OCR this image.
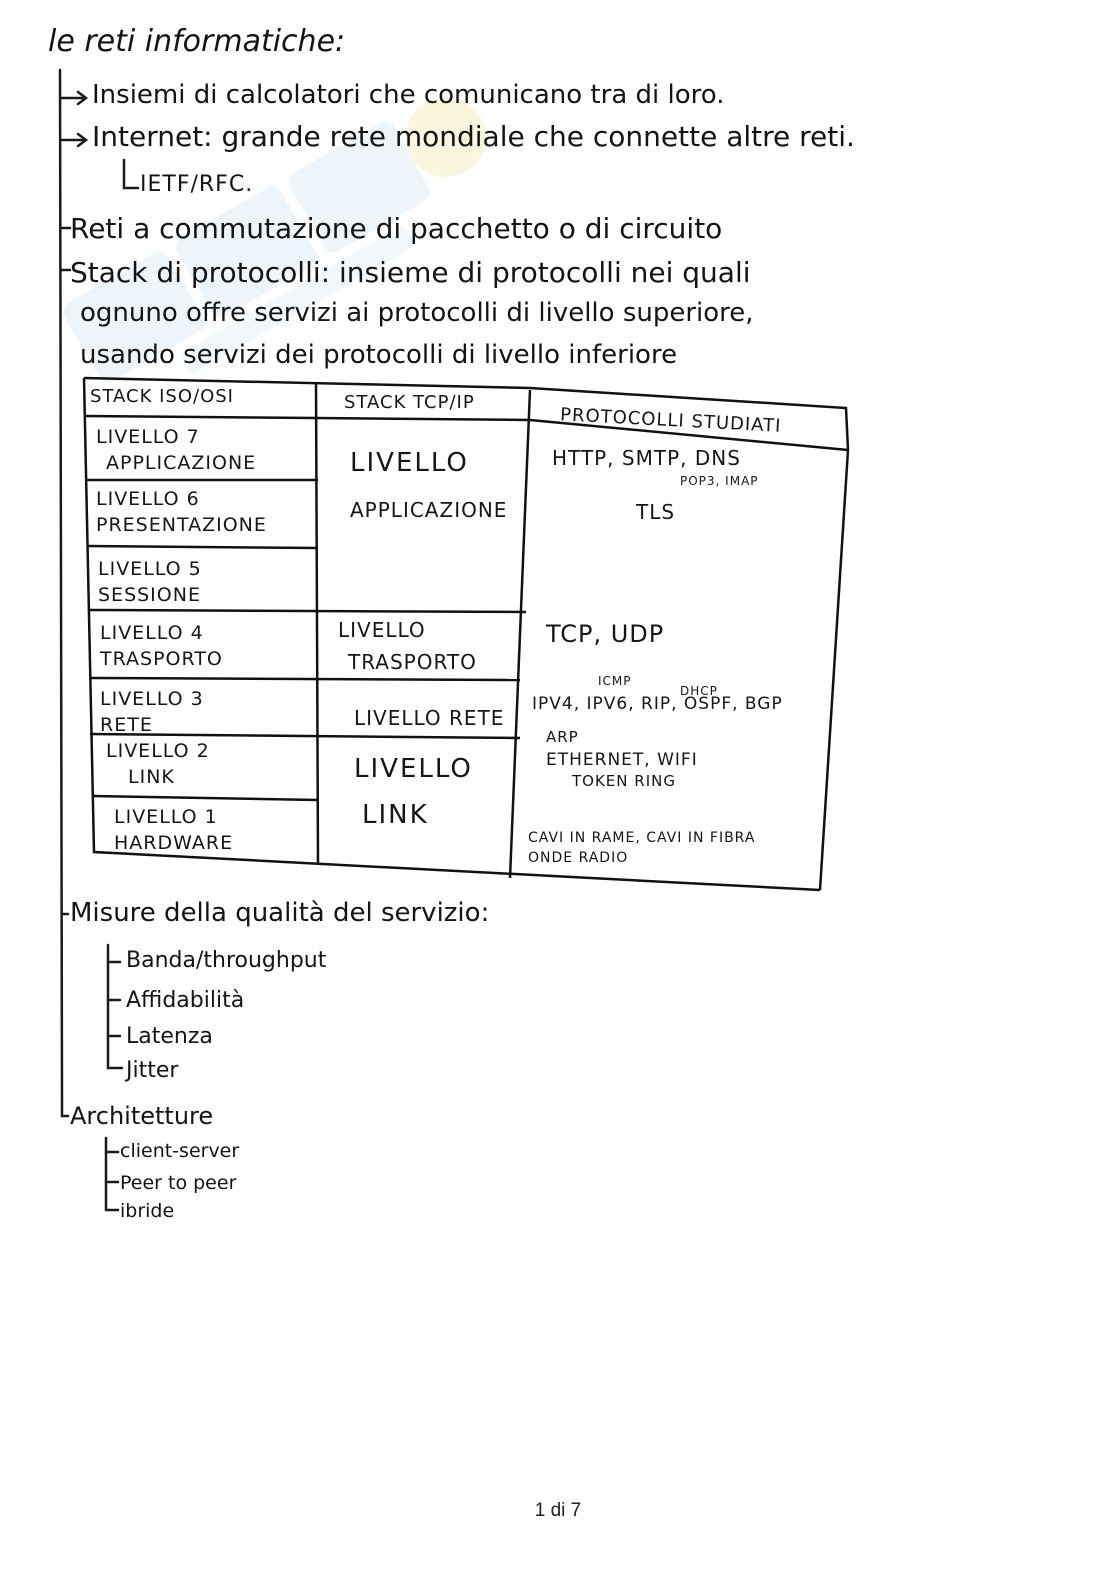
le reti informatiche:
Insiemi di calcolatori che comunicano tra di loro.
Internet: grande rete mondiale che connette altre reti.
IETF/RFC.
Reti a commutazione di pacchetto o di circuito
Stack di protocolli: insieme di protocolli nei quali
ognuno offre servizi ai protocolli di livello superiore,
usando servizi dei protocolli di livello inferiore
STACK ISO/OSI	STACK TCP/IP
PROTOCOLLI STUDIATI
LIVELLO 7
APPLICAZIONE
LIVELLO 6
PRESENTAZIONE
LIVELLO 5
SESSIONE
LIVELLO 4
TRASPORTO
LIVELLO 3
RETE
LIVELLO 2
LINK
LIVELLO 1
HARDWARE
LIVELLO
APPLICAZIONE
LIVELLO
TRASPORTO
LIVELLO RETE
LIVELLO
LINK
HTTP, SMTP, DNS
POP3, IMAP
TLS
TCP, UDP
ICMP
DHCP
IPV4, IPV6, RIP, OSPF, BGP
ARP
ETHERNET, WIFI
TOKEN RING
CAVI IN RAME, CAVI IN FIBRA
ONDE RADIO
Misure della qualità del servizio:
Banda/throughput
Affidabilità
Latenza
Jitter
Architetture
client-server
Peer to peer
ibride
1 di 7
